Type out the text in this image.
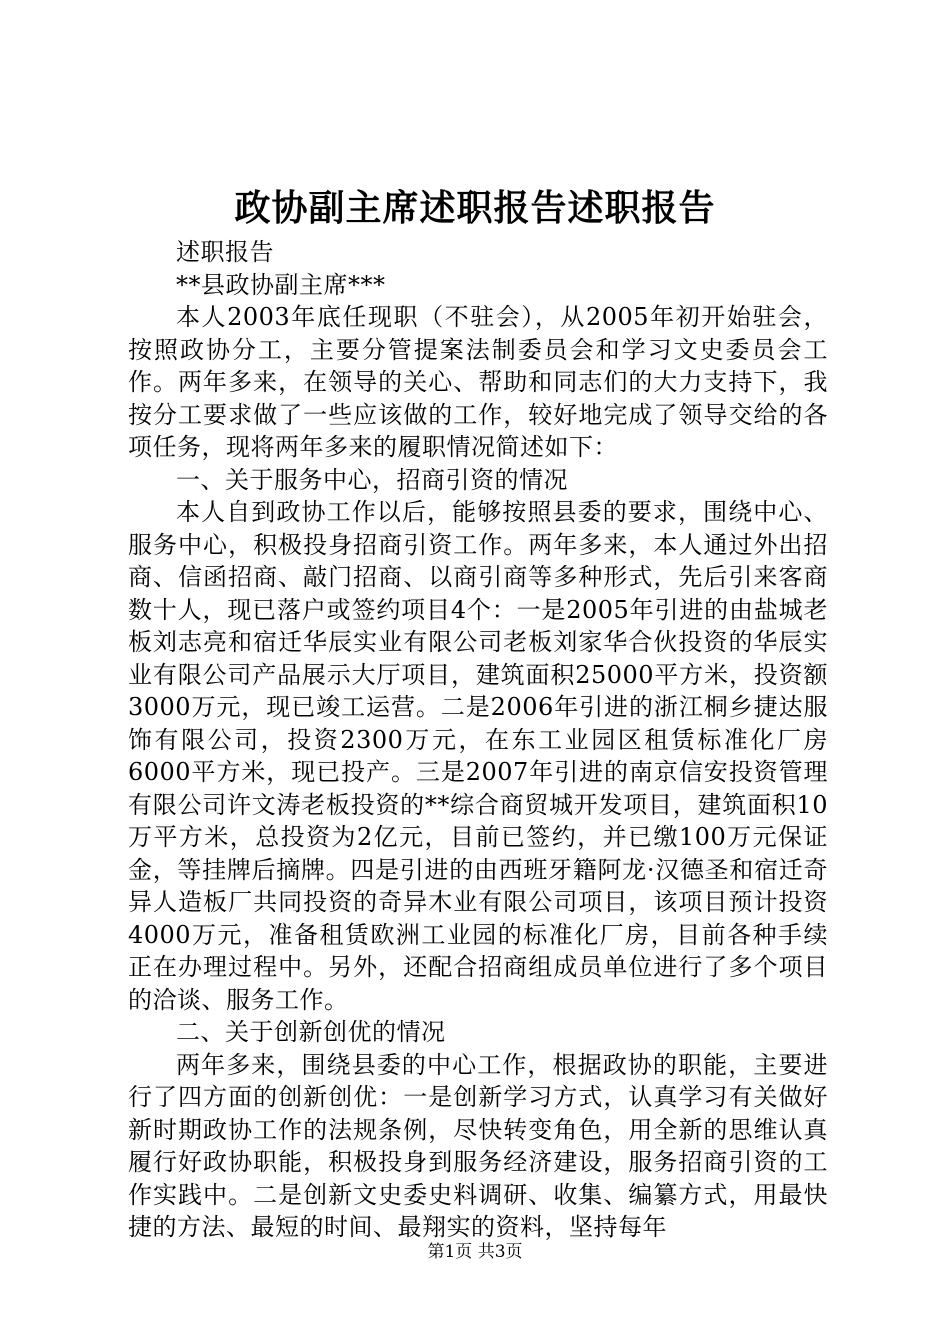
政协副主席述职报告述职报告

述职报告

**县政协副主席***

本人2003年底任现职（不驻会），从2005年初开始驻会，按照政协分工，主要分管提案法制委员会和学习文史委员会工作。两年多来，在领导的关心、帮助和同志们的大力支持下，我按分工要求做了一些应该做的工作，较好地完成了领导交给的各项任务，现将两年多来的履职情况简述如下：

一、关于服务中心，招商引资的情况

本人自到政协工作以后，能够按照县委的要求，围绕中心、服务中心，积极投身招商引资工作。两年多来，本人通过外出招商、信函招商、敲门招商、以商引商等多种形式，先后引来客商数十人，现已落户或签约项目4个：一是2005年引进的由盐城老板刘志亮和宿迁华辰实业有限公司老板刘家华合伙投资的华辰实业有限公司产品展示大厅项目，建筑面积25000平方米，投资额3000万元，现已竣工运营。二是2006年引进的浙江桐乡捷达服饰有限公司，投资2300万元，在东工业园区租赁标准化厂房6000平方米，现已投产。三是2007年引进的南京信安投资管理有限公司许文涛老板投资的**综合商贸城开发项目，建筑面积10万平方米，总投资为2亿元，目前已签约，并已缴100万元保证金，等挂牌后摘牌。四是引进的由西班牙籍阿龙·汉德圣和宿迁奇异人造板厂共同投资的奇异木业有限公司项目，该项目预计投资4000万元，准备租赁欧洲工业园的标准化厂房，目前各种手续正在办理过程中。另外，还配合招商组成员单位进行了多个项目的洽谈、服务工作。

二、关于创新创优的情况

两年多来，围绕县委的中心工作，根据政协的职能，主要进行了四方面的创新创优：一是创新学习方式，认真学习有关做好新时期政协工作的法规条例，尽快转变角色，用全新的思维认真履行好政协职能，积极投身到服务经济建设，服务招商引资的工作实践中。二是创新文史委史料调研、收集、编纂方式，用最快捷的方法、最短的时间、最翔实的资料，坚持每年

第1页 共3页
